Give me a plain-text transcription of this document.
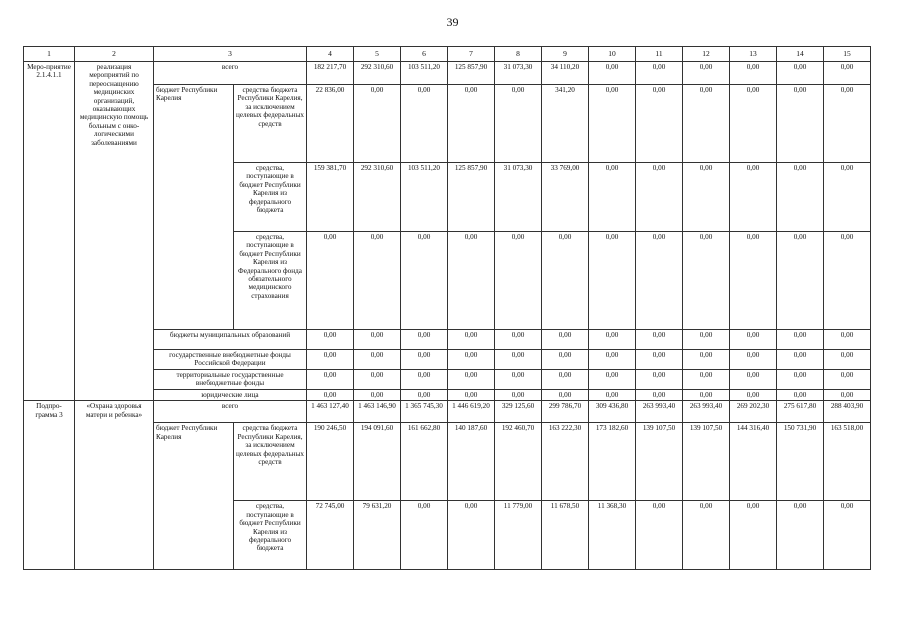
39
1	2	3		4	5	6	7	8	9	10	11	12	13	14	15
Меро-приятие 2.1.4.1.1	реализация мероприятий по переоснащению медицинских организаций, оказывающих медицинскую помощь больным с онко-логическими заболеваниями	всего		182 217,70	292 310,60	103 511,20	125 857,90	31 073,30	34 110,20	0,00	0,00	0,00	0,00	0,00	0,00
		бюджет Республики Карелия	средства бюджета Республики Карелия, за исключением целевых федеральных средств	22 836,00	0,00	0,00	0,00	0,00	341,20	0,00	0,00	0,00	0,00	0,00	0,00
			средства, поступающие в бюджет Республики Карелия из федерального бюджета	159 381,70	292 310,60	103 511,20	125 857,90	31 073,30	33 769,00	0,00	0,00	0,00	0,00	0,00	0,00
			средства, поступающие в бюджет Республики Карелия из Федерального фонда обязательного медицинского страхования	0,00	0,00	0,00	0,00	0,00	0,00	0,00	0,00	0,00	0,00	0,00	0,00
		бюджеты муниципальных образований		0,00	0,00	0,00	0,00	0,00	0,00	0,00	0,00	0,00	0,00	0,00	0,00
		государственные внебюджетные фонды Российской Федерации		0,00	0,00	0,00	0,00	0,00	0,00	0,00	0,00	0,00	0,00	0,00	0,00
		территориальные государственные внебюджетные фонды		0,00	0,00	0,00	0,00	0,00	0,00	0,00	0,00	0,00	0,00	0,00	0,00
		юридические лица		0,00	0,00	0,00	0,00	0,00	0,00	0,00	0,00	0,00	0,00	0,00	0,00
Подпро-грамма 3	«Охрана здоровья матери и ребенка»	всего		1 463 127,40	1 463 146,90	1 365 745,30	1 446 619,20	329 125,60	299 786,70	309 436,80	263 993,40	263 993,40	269 202,30	275 617,80	288 403,90
		бюджет Республики Карелия	средства бюджета Республики Карелия, за исключением целевых федеральных средств	190 246,50	194 091,60	161 662,80	140 187,60	192 460,70	163 222,30	173 182,60	139 107,50	139 107,50	144 316,40	150 731,90	163 518,00
			средства, поступающие в бюджет Республики Карелия из федерального бюджета	72 745,00	79 631,20	0,00	0,00	11 779,00	11 678,50	11 368,30	0,00	0,00	0,00	0,00	0,00
